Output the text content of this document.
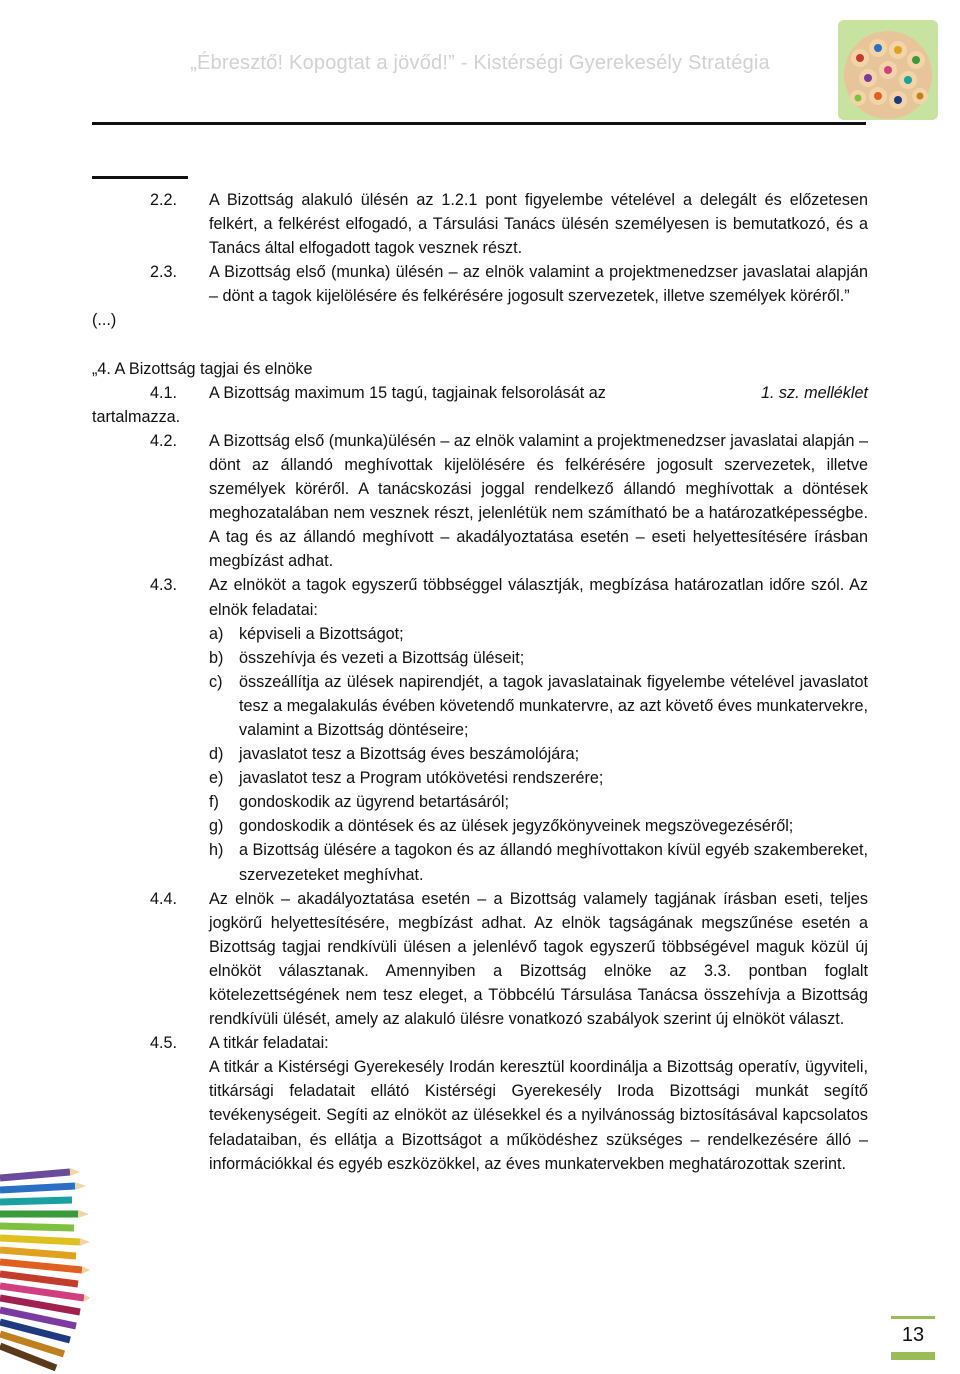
„Ébresztő! Kopogtat a jövőd!” - Kistérségi Gyerekesély Stratégia
2.2. A Bizottság alakuló ülésén az 1.2.1 pont figyelembe vételével a delegált és előzetesen felkért, a felkérést elfogadó, a Társulási Tanács ülésén személyesen is bemutatkozó, és a Tanács által elfogadott tagok vesznek részt.
2.3. A Bizottság első (munka) ülésén – az elnök valamint a projektmenedzser javaslatai alapján – dönt a tagok kijelölésére és felkérésére jogosult szervezetek, illetve személyek köréről.”
(...)
„4. A Bizottság tagjai és elnöke
4.1.	A Bizottság maximum 15 tagú, tagjainak felsorolását az	1. sz. melléklet
tartalmazza.
4.2. A Bizottság első (munka)ülésén – az elnök valamint a projektmenedzser javaslatai alapján – dönt az állandó meghívottak kijelölésére és felkérésére jogosult szervezetek, illetve személyek köréről. A tanácskozási joggal rendelkező állandó meghívottak a döntések meghozatalában nem vesznek részt, jelenlétük nem számítható be a határozatképességbe. A tag és az állandó meghívott – akadályoztatása esetén – eseti helyettesítésére írásban megbízást adhat.
4.3. Az elnököt a tagok egyszerű többséggel választják, megbízása határozatlan időre szól. Az elnök feladatai:
a) képviseli a Bizottságot;
b) összehívja és vezeti a Bizottság üléseit;
c) összeállítja az ülések napirendjét, a tagok javaslatainak figyelembe vételével javaslatot tesz a megalakulás évében követendő munkatervre, az azt követő éves munkatervekre, valamint a Bizottság döntéseire;
d) javaslatot tesz a Bizottság éves beszámolójára;
e) javaslatot tesz a Program utókövetési rendszerére;
f) gondoskodik az ügyrend betartásáról;
g) gondoskodik a döntések és az ülések jegyzőkönyveinek megszövegezéséről;
h) a Bizottság ülésére a tagokon és az állandó meghívottakon kívül egyéb szakembereket, szervezeteket meghívhat.
4.4. Az elnök – akadályoztatása esetén – a Bizottság valamely tagjának írásban eseti, teljes jogkörű helyettesítésére, megbízást adhat. Az elnök tagságának megszűnése esetén a Bizottság tagjai rendkívüli ülésen a jelenlévő tagok egyszerű többségével maguk közül új elnököt választanak. Amennyiben a Bizottság elnöke az 3.3. pontban foglalt kötelezettségének nem tesz eleget, a Többcélú Társulása Tanácsa összehívja a Bizottság rendkívüli ülését, amely az alakuló ülésre vonatkozó szabályok szerint új elnököt választ.
4.5. A titkár feladatai:
A titkár a Kistérségi Gyerekesély Irodán keresztül koordinálja a Bizottság operatív, ügyviteli, titkársági feladatait ellátó Kistérségi Gyerekesély Iroda Bizottsági munkát segítő tevékenységeit. Segíti az elnököt az ülésekkel és a nyilvánosság biztosításával kapcsolatos feladataiban, és ellátja a Bizottságot a működéshez szükséges – rendelkezésére álló – információkkal és egyéb eszközökkel, az éves munkatervekben meghatározottak szerint.
13
